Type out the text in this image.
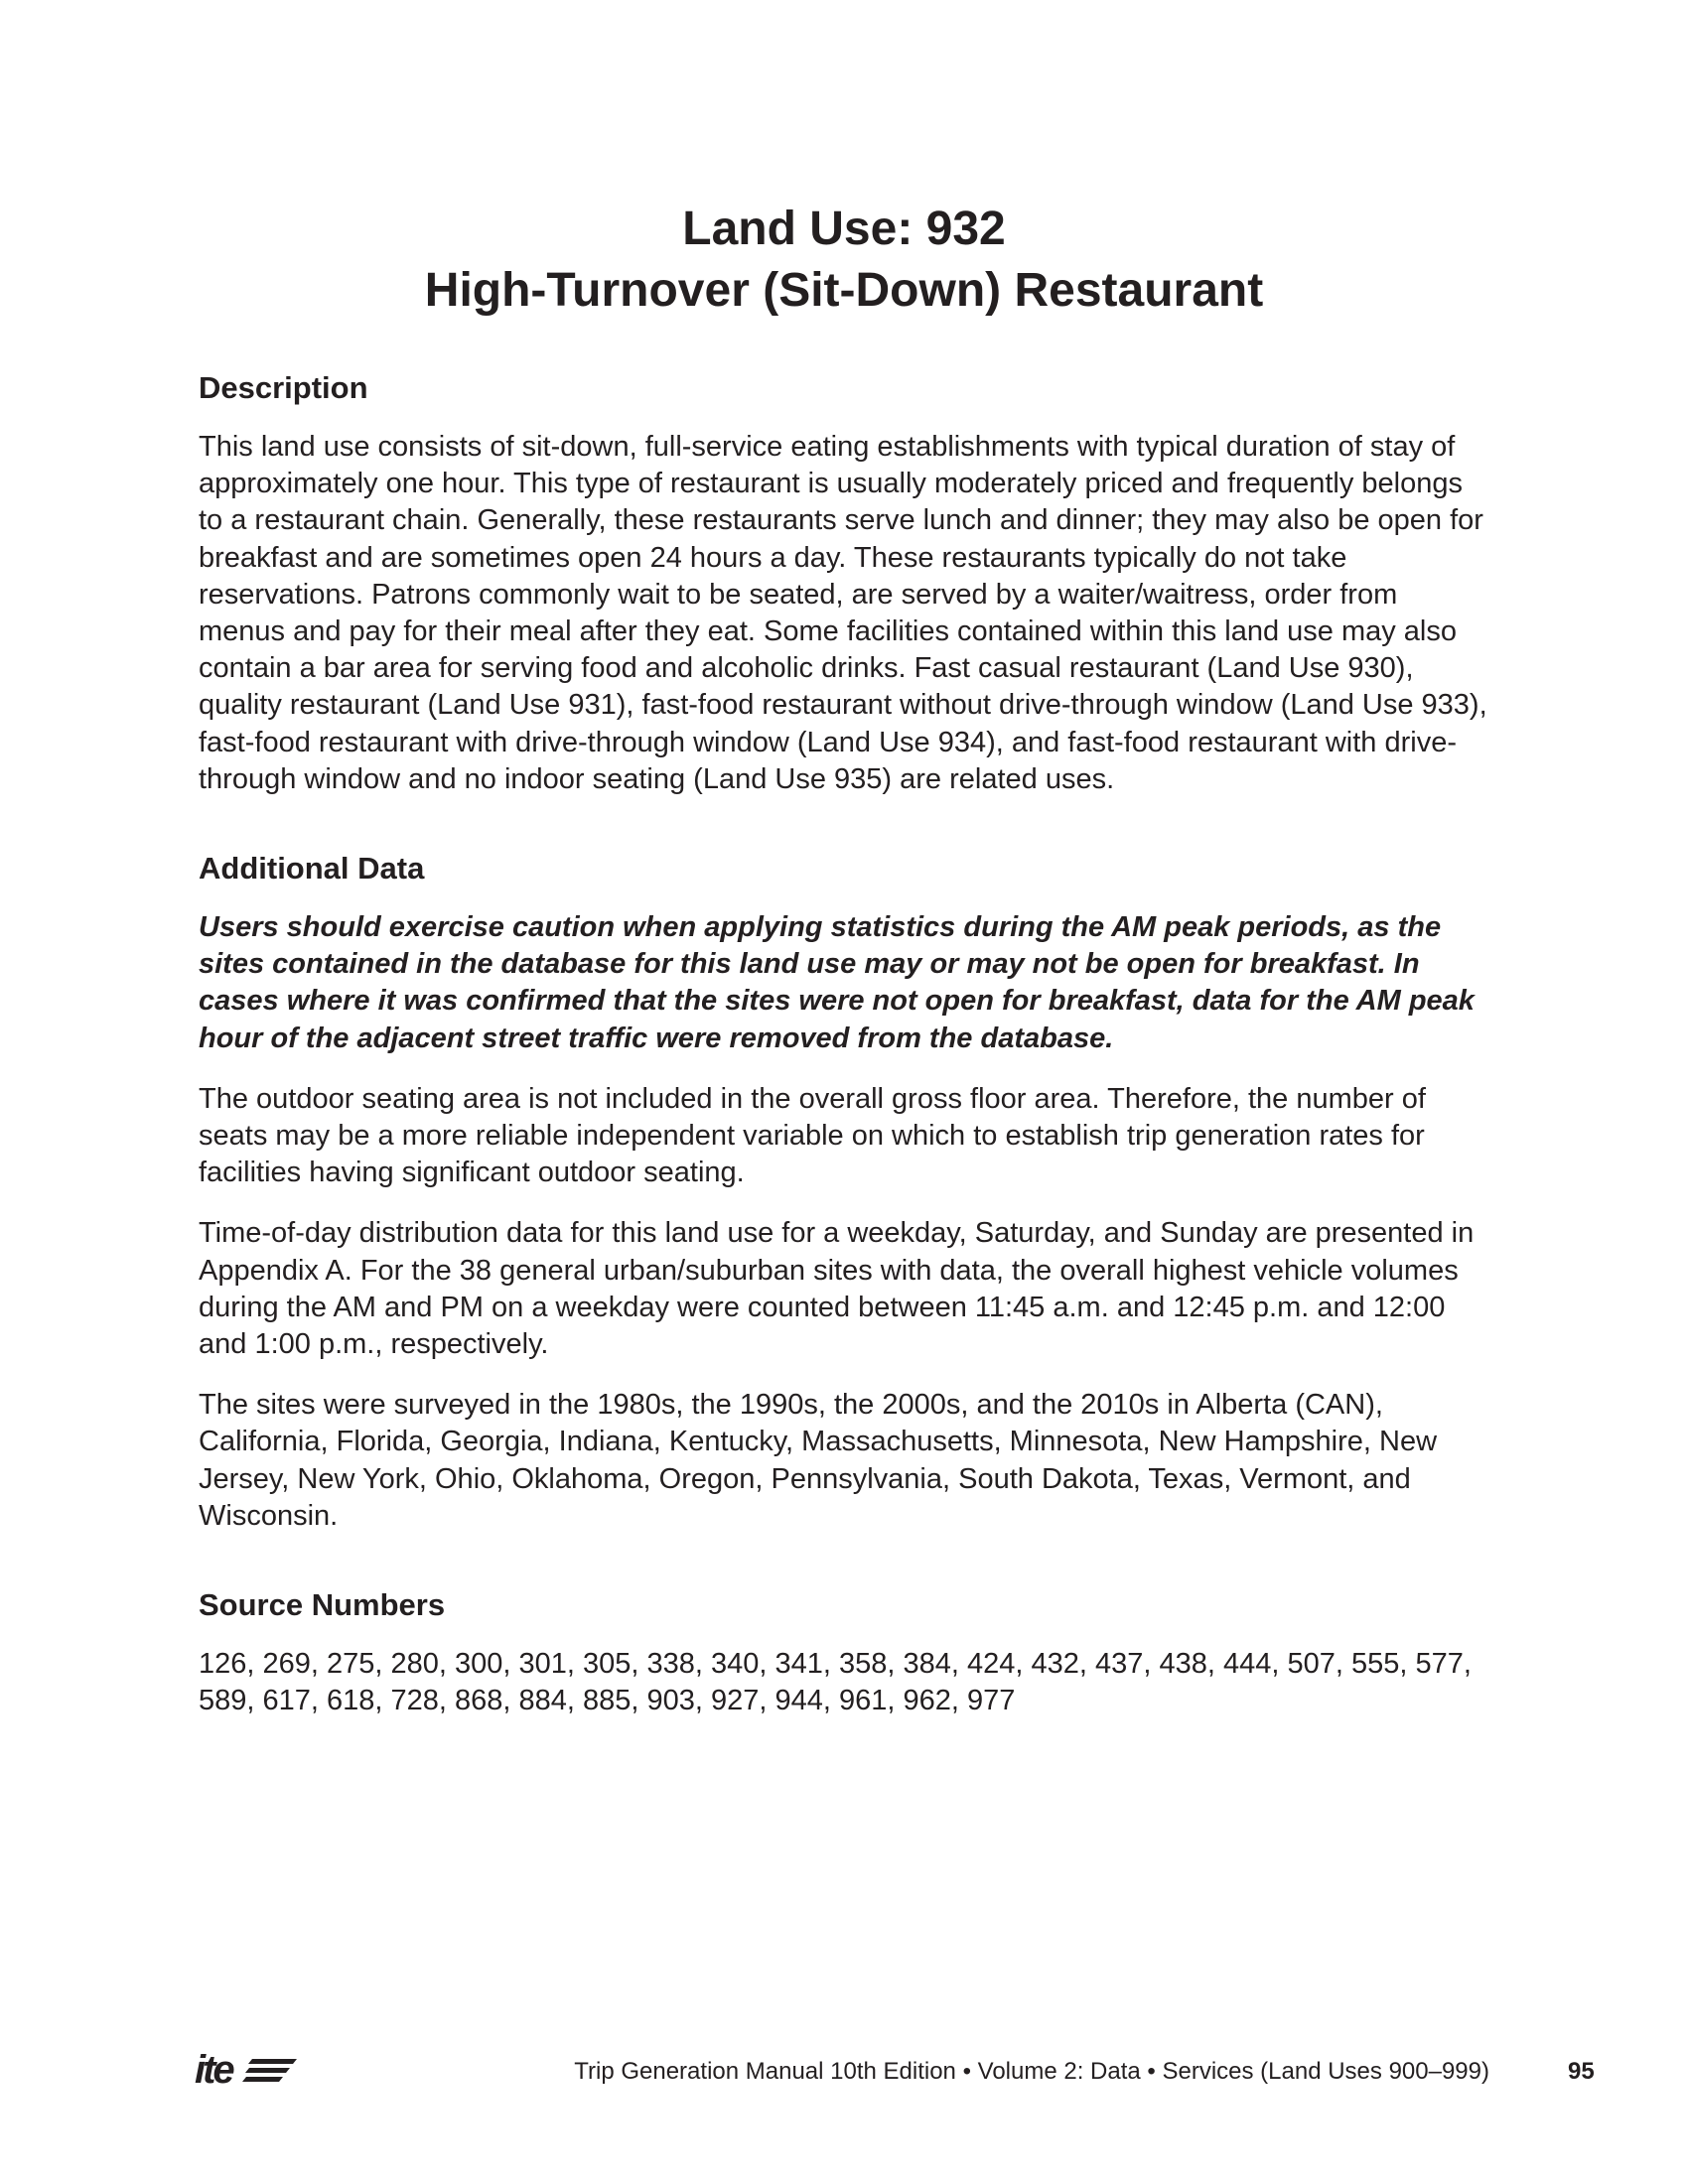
Land Use: 932
High-Turnover (Sit-Down) Restaurant
Description

This land use consists of sit-down, full-service eating establishments with typical duration of stay of approximately one hour. This type of restaurant is usually moderately priced and frequently belongs to a restaurant chain. Generally, these restaurants serve lunch and dinner; they may also be open for breakfast and are sometimes open 24 hours a day. These restaurants typically do not take reservations. Patrons commonly wait to be seated, are served by a waiter/waitress, order from menus and pay for their meal after they eat. Some facilities contained within this land use may also contain a bar area for serving food and alcoholic drinks. Fast casual restaurant (Land Use 930), quality restaurant (Land Use 931), fast-food restaurant without drive-through window (Land Use 933), fast-food restaurant with drive-through window (Land Use 934), and fast-food restaurant with drive-through window and no indoor seating (Land Use 935) are related uses.

Additional Data

Users should exercise caution when applying statistics during the AM peak periods, as the sites contained in the database for this land use may or may not be open for breakfast. In cases where it was confirmed that the sites were not open for breakfast, data for the AM peak hour of the adjacent street traffic were removed from the database.

The outdoor seating area is not included in the overall gross floor area. Therefore, the number of seats may be a more reliable independent variable on which to establish trip generation rates for facilities having significant outdoor seating.

Time-of-day distribution data for this land use for a weekday, Saturday, and Sunday are presented in Appendix A. For the 38 general urban/suburban sites with data, the overall highest vehicle volumes during the AM and PM on a weekday were counted between 11:45 a.m. and 12:45 p.m. and 12:00 and 1:00 p.m., respectively.

The sites were surveyed in the 1980s, the 1990s, the 2000s, and the 2010s in Alberta (CAN), California, Florida, Georgia, Indiana, Kentucky, Massachusetts, Minnesota, New Hampshire, New Jersey, New York, Ohio, Oklahoma, Oregon, Pennsylvania, South Dakota, Texas, Vermont, and Wisconsin.

Source Numbers

126, 269, 275, 280, 300, 301, 305, 338, 340, 341, 358, 384, 424, 432, 437, 438, 444, 507, 555, 577, 589, 617, 618, 728, 868, 884, 885, 903, 927, 944, 961, 962, 977

ite	Trip Generation Manual 10th Edition • Volume 2: Data • Services (Land Uses 900–999)	95
